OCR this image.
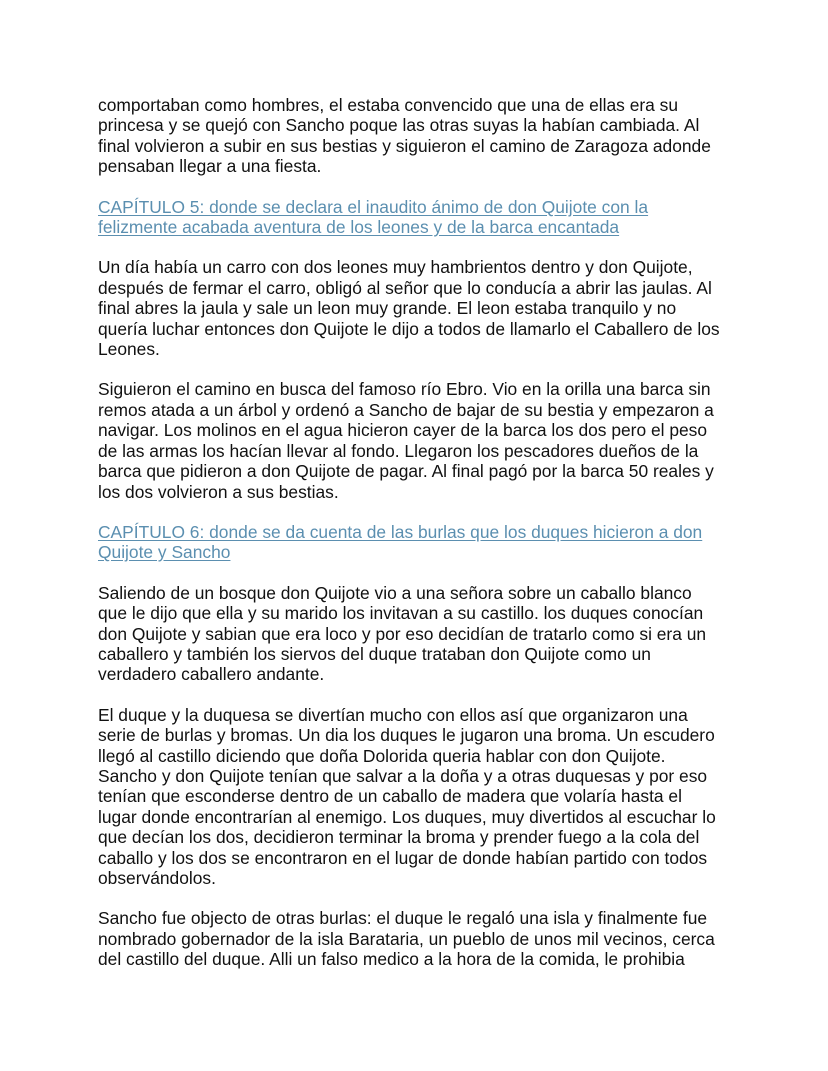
comportaban como hombres, el estaba convencido que una de ellas era su
princesa y se quejó con Sancho poque las otras suyas la habían cambiada. Al
final volvieron a subir en sus bestias y siguieron el camino de Zaragoza adonde
pensaban llegar a una fiesta.

CAPÍTULO 5: donde se declara el inaudito ánimo de don Quijote con la
felizmente acabada aventura de los leones y de la barca encantada

Un día había un carro con dos leones muy hambrientos dentro y don Quijote,
después de fermar el carro, obligó al señor que lo conducía a abrir las jaulas. Al
final abres la jaula y sale un leon muy grande. El leon estaba tranquilo y no
quería luchar entonces don Quijote le dijo a todos de llamarlo el Caballero de los
Leones.

Siguieron el camino en busca del famoso río Ebro. Vio en la orilla una barca sin
remos atada a un árbol y ordenó a Sancho de bajar de su bestia y empezaron a
navigar. Los molinos en el agua hicieron cayer de la barca los dos pero el peso
de las armas los hacían llevar al fondo. Llegaron los pescadores dueños de la
barca que pidieron a don Quijote de pagar. Al final pagó por la barca 50 reales y
los dos volvieron a sus bestias.

CAPÍTULO 6: donde se da cuenta de las burlas que los duques hicieron a don
Quijote y Sancho

Saliendo de un bosque don Quijote vio a una señora sobre un caballo blanco
que le dijo que ella y su marido los invitavan a su castillo. los duques conocían
don Quijote y sabian que era loco y por eso decidían de tratarlo como si era un
caballero y también los siervos del duque trataban don Quijote como un
verdadero caballero andante.

El duque y la duquesa se divertían mucho con ellos así que organizaron una
serie de burlas y bromas. Un dia los duques le jugaron una broma. Un escudero
llegó al castillo diciendo que doña Dolorida queria hablar con don Quijote.
Sancho y don Quijote tenían que salvar a la doña y a otras duquesas y por eso
tenían que esconderse dentro de un caballo de madera que volaría hasta el
lugar donde encontrarían al enemigo. Los duques, muy divertidos al escuchar lo
que decían los dos, decidieron terminar la broma y prender fuego a la cola del
caballo y los dos se encontraron en el lugar de donde habían partido con todos
observándolos.

Sancho fue objecto de otras burlas: el duque le regaló una isla y finalmente fue
nombrado gobernador de la isla Barataria, un pueblo de unos mil vecinos, cerca
del castillo del duque. Alli un falso medico a la hora de la comida, le prohibia
